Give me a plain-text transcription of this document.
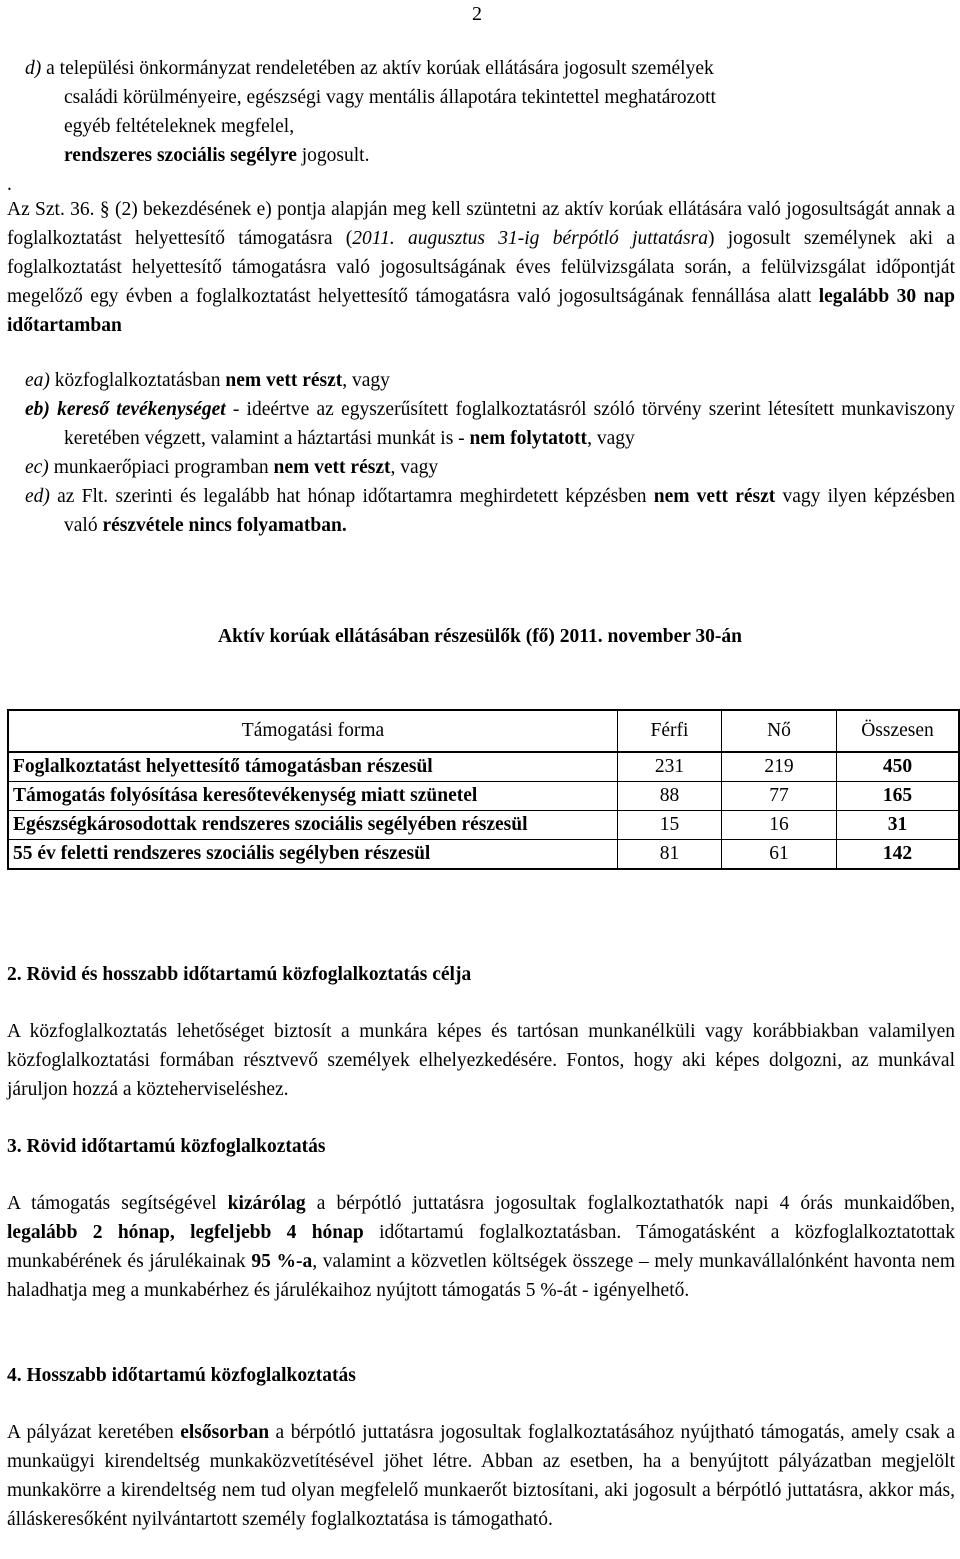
2

d) a települési önkormányzat rendeletében az aktív korúak ellátására jogosult személyek

családi körülményeire, egészségi vagy mentális állapotára tekintettel meghatározott

egyéb feltételeknek megfelel,

rendszeres szociális segélyre jogosult.

.
Az Szt. 36. § (2) bekezdésének e) pontja alapján meg kell szüntetni az aktív korúak ellátására való jogosultságát annak a foglalkoztatást helyettesítő támogatásra (2011. augusztus 31-ig bérpótló juttatásra) jogosult személynek aki a foglalkoztatást helyettesítő támogatásra való jogosultságának éves felülvizsgálata során, a felülvizsgálat időpontját megelőző egy évben a foglalkoztatást helyettesítő támogatásra való jogosultságának fennállása alatt legalább 30 nap időtartamban

ea) közfoglalkoztatásban nem vett részt, vagy

eb) kereső tevékenységet - ideértve az egyszerűsített foglalkoztatásról szóló törvény szerint létesített munkaviszony keretében végzett, valamint a háztartási munkát is - nem folytatott, vagy

ec) munkaerőpiaci programban nem vett részt, vagy

ed) az Flt. szerinti és legalább hat hónap időtartamra meghirdetett képzésben nem vett részt vagy ilyen képzésben való részvétele nincs folyamatban.

Aktív korúak ellátásában részesülők (fő) 2011. november 30-án
Támogatási forma	Férfi	Nő	Összesen
Foglalkoztatást helyettesítő támogatásban részesül	231	219	450
Támogatás folyósítása keresőtevékenység miatt szünetel	88	77	165
Egészségkárosodottak rendszeres szociális segélyében részesül	15	16	31
55 év feletti rendszeres szociális segélyben részesül	81	61	142
2. Rövid és hosszabb időtartamú közfoglalkoztatás célja
A közfoglalkoztatás lehetőséget biztosít a munkára képes és tartósan munkanélküli vagy korábbiakban valamilyen közfoglalkoztatási formában résztvevő személyek elhelyezkedésére. Fontos, hogy aki képes dolgozni, az munkával járuljon hozzá a közteherviseléshez.
3. Rövid időtartamú közfoglalkoztatás
A támogatás segítségével kizárólag a bérpótló juttatásra jogosultak foglalkoztathatók napi 4 órás munkaidőben, legalább 2 hónap, legfeljebb 4 hónap időtartamú foglalkoztatásban. Támogatásként a közfoglalkoztatottak munkabérének és járulékainak 95 %-a, valamint a közvetlen költségek összege – mely munkavállalónként havonta nem haladhatja meg a munkabérhez és járulékaihoz nyújtott támogatás 5 %-át - igényelhető.
4. Hosszabb időtartamú közfoglalkoztatás
A pályázat keretében elsősorban a bérpótló juttatásra jogosultak foglalkoztatásához nyújtható támogatás, amely csak a munkaügyi kirendeltség munkaközvetítésével jöhet létre. Abban az esetben, ha a benyújtott pályázatban megjelölt munkakörre a kirendeltség nem tud olyan megfelelő munkaerőt biztosítani, aki jogosult a bérpótló juttatásra, akkor más, álláskeresőként nyilvántartott személy foglalkoztatása is támogatható.
